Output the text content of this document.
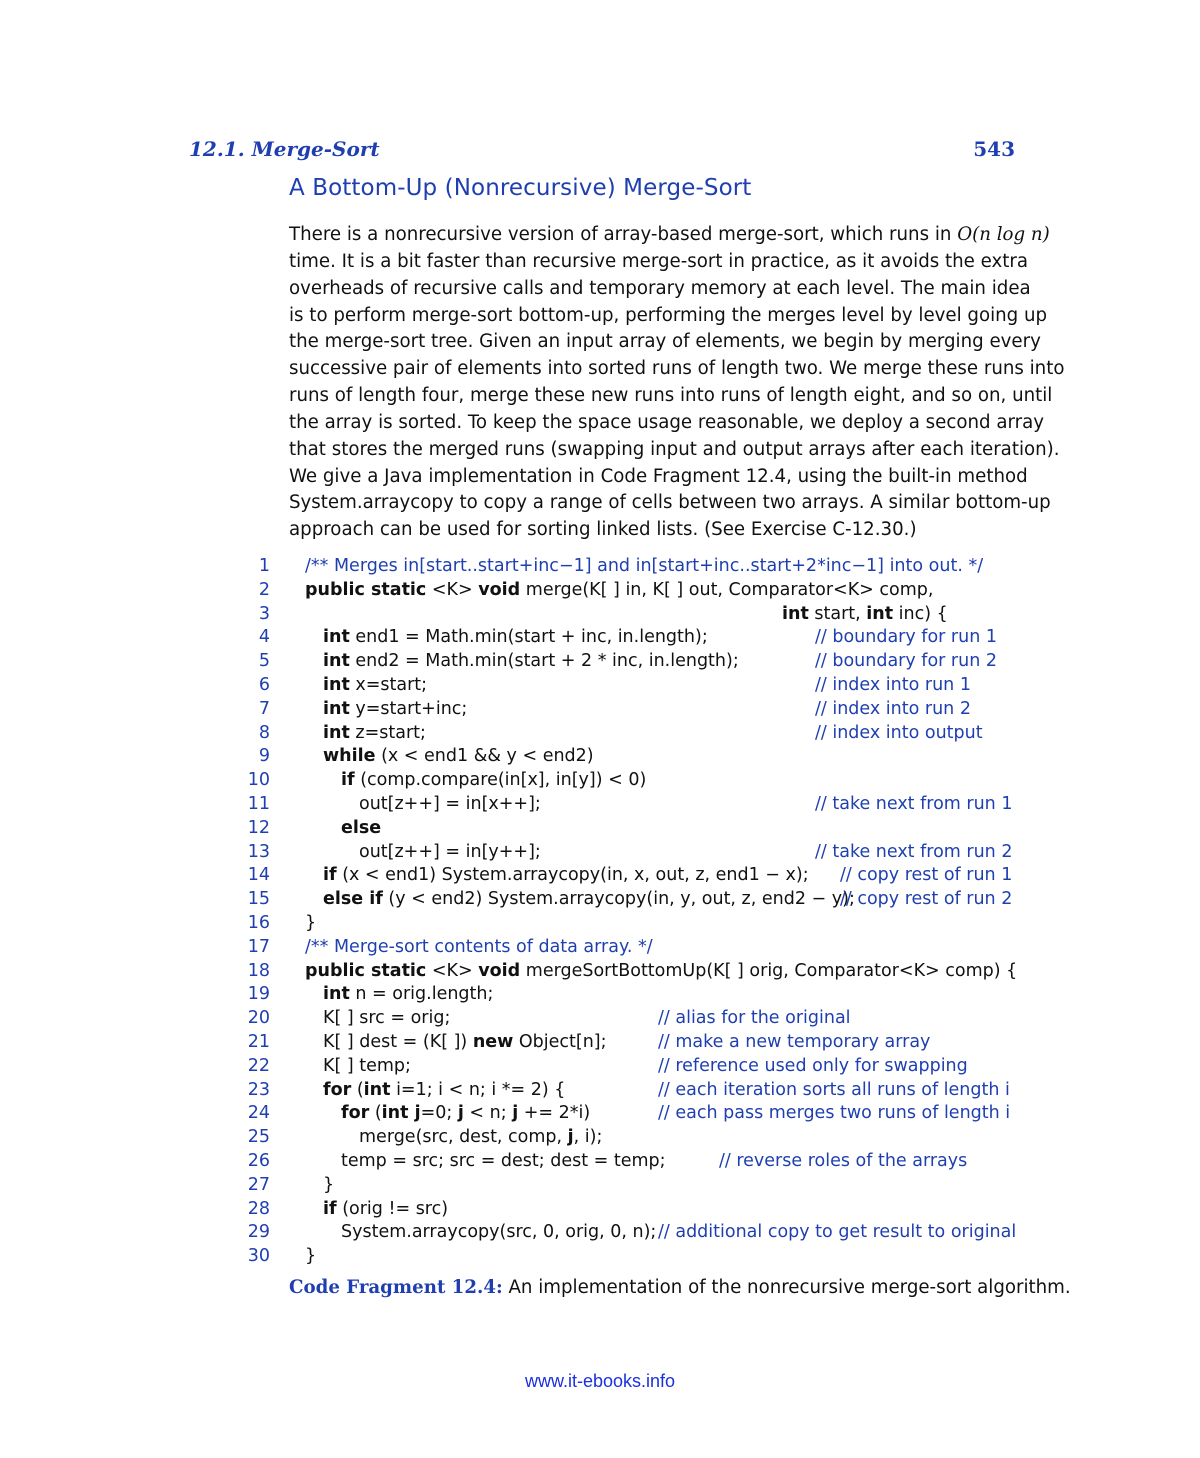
12.1. Merge-Sort	543
A Bottom-Up (Nonrecursive) Merge-Sort
There is a nonrecursive version of array-based merge-sort, which runs in O(n log n)
time. It is a bit faster than recursive merge-sort in practice, as it avoids the extra
overheads of recursive calls and temporary memory at each level. The main idea
is to perform merge-sort bottom-up, performing the merges level by level going up
the merge-sort tree. Given an input array of elements, we begin by merging every
successive pair of elements into sorted runs of length two. We merge these runs into
runs of length four, merge these new runs into runs of length eight, and so on, until
the array is sorted. To keep the space usage reasonable, we deploy a second array
that stores the merged runs (swapping input and output arrays after each iteration).
We give a Java implementation in Code Fragment 12.4, using the built-in method
System.arraycopy to copy a range of cells between two arrays. A similar bottom-up
approach can be used for sorting linked lists. (See Exercise C-12.30.)
1 /** Merges in[start..start+inc−1] and in[start+inc..start+2*inc−1] into out. */
2 public static <K> void merge(K[ ] in, K[ ] out, Comparator<K> comp,
3	int start, int inc) {
4	int end1 = Math.min(start + inc, in.length);	// boundary for run 1
5	int end2 = Math.min(start + 2 * inc, in.length);	// boundary for run 2
6	int x=start;	// index into run 1
7	int y=start+inc;	// index into run 2
8	int z=start;	// index into output
9	while (x < end1 && y < end2)
10	if (comp.compare(in[x], in[y]) < 0)
11	out[z++] = in[x++];	// take next from run 1
12	else
13	out[z++] = in[y++];	// take next from run 2
14	if (x < end1) System.arraycopy(in, x, out, z, end1 − x); // copy rest of run 1
15	else if (y < end2) System.arraycopy(in, y, out, z, end2 − y);
// copy rest of run 2
16 }
17 /** Merge-sort contents of data array. */
18 public static <K> void mergeSortBottomUp(K[ ] orig, Comparator<K> comp) {
19	int n = orig.length;
20	K[ ] src = orig;	// alias for the original
21	K[ ] dest = (K[ ]) new Object[n];	// make a new temporary array
22	K[ ] temp;	// reference used only for swapping
23	for (int i=1; i < n; i *= 2) {	// each iteration sorts all runs of length i
24	for (int j=0; j < n; j += 2*i)	// each pass merges two runs of length i
25	merge(src, dest, comp, j, i);
26	temp = src; src = dest; dest = temp;	// reverse roles of the arrays
27	}
28	if (orig != src)
29	System.arraycopy(src, 0, orig, 0, n); // additional copy to get result to original
30 }
Code Fragment 12.4: An implementation of the nonrecursive merge-sort algorithm.
www.it-ebooks.info
